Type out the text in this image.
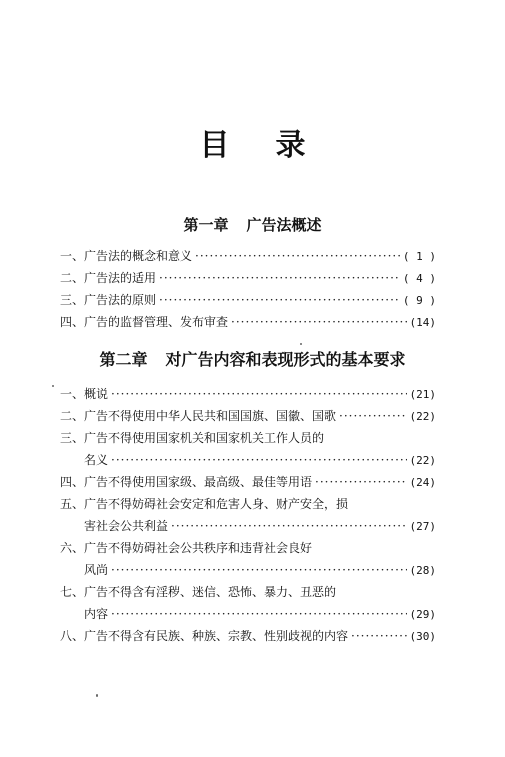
目录
第一章 广告法概述
一、广告法的概念和意义 ·····	( 1 )
二、广告法的适用 ·····	( 4 )
三、广告法的原则 ·····	( 9 )
四、广告的监督管理、发布审查 ·····	(14)
第二章 对广告内容和表现形式的基本要求
一、概说 ·····	(21)
二、广告不得使用中华人民共和国国旗、国徽、国歌 ·····	(22)
三、广告不得使用国家机关和国家机关工作人员的
名义 ·····	(22)
四、广告不得使用国家级、最高级、最佳等用语 ·····	(24)
五、广告不得妨碍社会安定和危害人身、财产安全，损
害社会公共利益 ·····	(27)
六、广告不得妨碍社会公共秩序和违背社会良好
风尚 ·····	(28)
七、广告不得含有淫秽、迷信、恐怖、暴力、丑恶的
内容 ·····	(29)
八、广告不得含有民族、种族、宗教、性别歧视的内容 ·····	(30)
